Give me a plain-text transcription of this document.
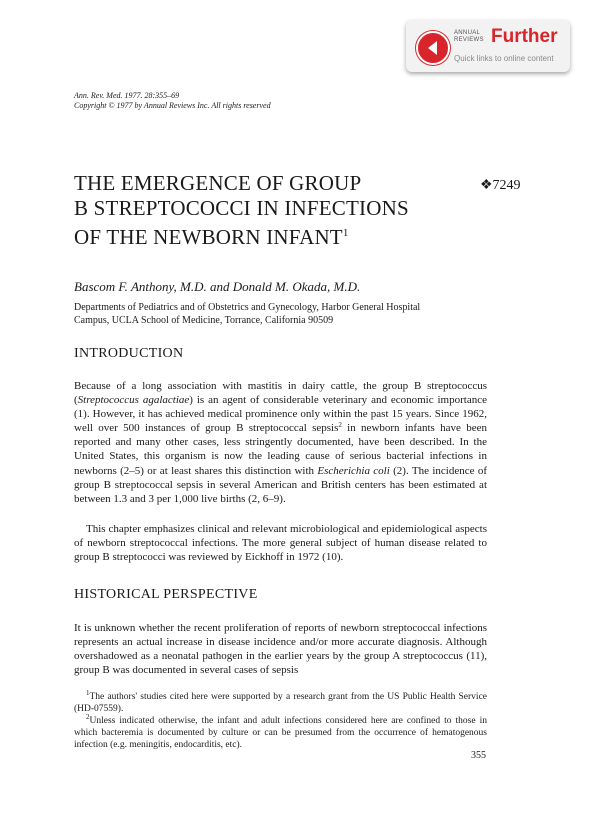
ANNUAL
REVIEWS Further
Quick links to online content
Ann. Rev. Med. 1977. 28:355–69
Copyright © 1977 by Annual Reviews Inc. All rights reserved
THE EMERGENCE OF GROUP
B STREPTOCOCCI IN INFECTIONS
OF THE NEWBORN INFANT$^1$
❖7249
Bascom F. Anthony, M.D. and Donald M. Okada, M.D.
Departments of Pediatrics and of Obstetrics and Gynecology, Harbor General Hospital
Campus, UCLA School of Medicine, Torrance, California 90509
INTRODUCTION
Because of a long association with mastitis in dairy cattle, the group B streptococcus (Streptococcus agalactiae) is an agent of considerable veterinary and economic importance (1). However, it has achieved medical prominence only within the past 15 years. Since 1962, well over 500 instances of group B streptococcal sepsis$^2$ in newborn infants have been reported and many other cases, less stringently documented, have been described. In the United States, this organism is now the leading cause of serious bacterial infections in newborns (2–5) or at least shares this distinction with Escherichia coli (2). The incidence of group B streptococcal sepsis in several American and British centers has been estimated at between 1.3 and 3 per 1,000 live births (2, 6–9).
This chapter emphasizes clinical and relevant microbiological and epidemiological aspects of newborn streptococcal infections. The more general subject of human disease related to group B streptococci was reviewed by Eickhoff in 1972 (10).
HISTORICAL PERSPECTIVE
It is unknown whether the recent proliferation of reports of newborn streptococcal infections represents an actual increase in disease incidence and/or more accurate diagnosis. Although overshadowed as a neonatal pathogen in the earlier years by the group A streptococcus (11), group B was documented in several cases of sepsis
$^1$The authors' studies cited here were supported by a research grant from the US Public Health Service (HD-07559).
$^2$Unless indicated otherwise, the infant and adult infections considered here are confined to those in which bacteremia is documented by culture or can be presumed from the occurrence of hematogenous infection (e.g. meningitis, endocarditis, etc).
355
